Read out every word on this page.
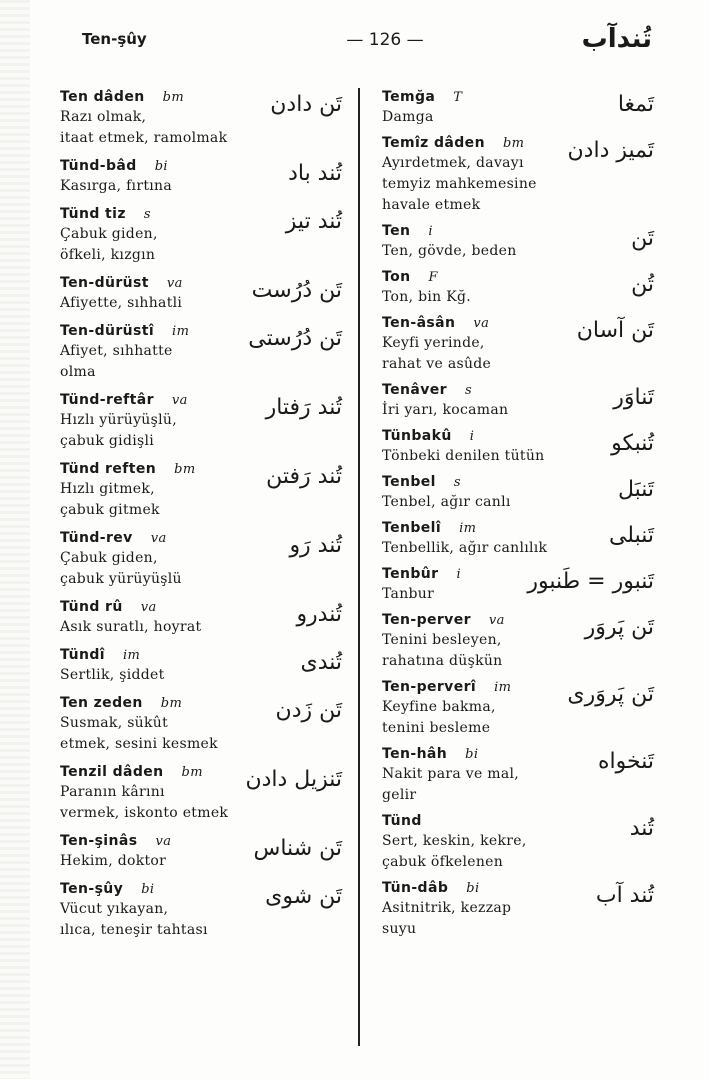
Ten-şûy	— 126 —	تُندآب
Ten dâden bm
Razı olmak,
itaat etmek, ramolmak
تَن دادن
Tünd-bâd bi
Kasırga, fırtına	تُند باد
Tünd tiz s
Çabuk giden,
öfkeli, kızgın
تُند تيز
Ten-dürüst va
Afiyette, sıhhatli	تَن دُرُست
Ten-dürüstî im
Afiyet, sıhhatte
olma
تَن دُرُستى
Tünd-reftâr va
Hızlı yürüyüşlü,
çabuk gidişli
تُند رَفتار
Tünd reften bm
Hızlı gitmek,
çabuk gitmek
تُند رَفتن
Tünd-rev va
Çabuk giden,
çabuk yürüyüşlü
تُند رَو
Tünd rû va
Asık suratlı, hoyrat	تُندرو
Tündî im
Sertlik, şiddet	تُندى
Ten zeden bm
Susmak, sükût
etmek, sesini kesmek
تَن زَدن
Tenzil dâden bm
Paranın kârını
vermek, iskonto etmek
تَنزيل دادن
Ten-şinâs va
Hekim, doktor	تَن شناس
Ten-şûy bi
Vücut yıkayan,
ılıca, teneşir tahtası
تَن شوى
Temğa T
Damga	تَمغا
Temîz dâden bm
Ayırdetmek, davayı
temyiz mahkemesine
havale etmek
تَميز دادن
Ten i
Ten, gövde, beden	تَن
Ton F
Ton, bin Kğ.	تُن
Ten-âsân va
Keyfi yerinde,
rahat ve asûde
تَن آسان
Tenâver s
İri yarı, kocaman	تَناوَر
Tünbakû i
Tönbeki denilen tütün	تُنبكو
Tenbel s
Tenbel, ağır canlı	تَنبَل
Tenbelî im
Tenbellik, ağır canlılık	تَنبلى
Tenbûr i
Tanbur	تَنبور = طَنبور
Ten-perver va
Tenini besleyen,
rahatına düşkün
تَن پَروَر
Ten-perverî im
Keyfine bakma,
tenini besleme
تَن پَروَرى
Ten-hâh bi
Nakit para ve mal,
gelir
تَنخواه
Tünd
Sert, keskin, kekre,
çabuk öfkelenen
تُند
Tün-dâb bi
Asitnitrik, kezzap
suyu
تُند آب
